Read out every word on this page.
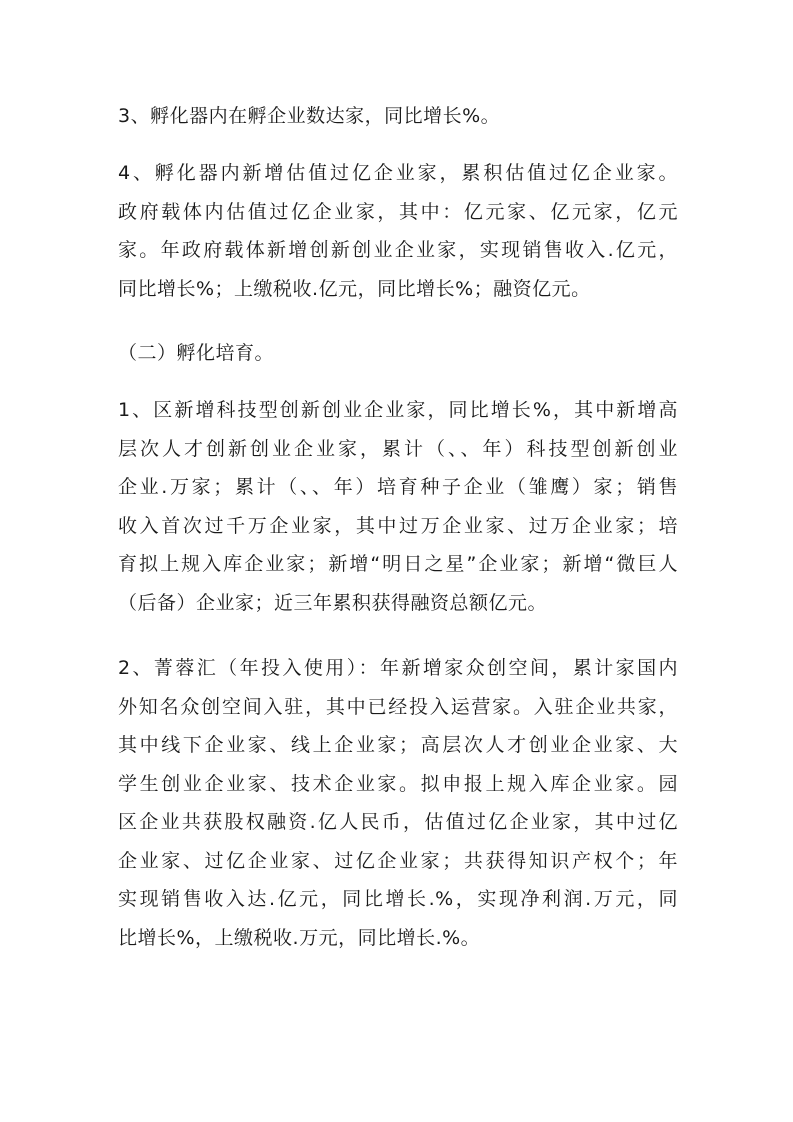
3、孵化器内在孵企业数达家，同比增长%。

4、孵化器内新增估值过亿企业家，累积估值过亿企业家。
政府载体内估值过亿企业家，其中：亿元家、亿元家，亿元
家。年政府载体新增创新创业企业家，实现销售收入.亿元，
同比增长%；上缴税收.亿元，同比增长%；融资亿元。

（二）孵化培育。

1、区新增科技型创新创业企业家，同比增长%，其中新增高
层次人才创新创业企业家，累计（、、年）科技型创新创业
企业.万家；累计（、、年）培育种子企业（雏鹰）家；销售
收入首次过千万企业家，其中过万企业家、过万企业家；培
育拟上规入库企业家；新增“明日之星”企业家；新增“微巨人
（后备）企业家；近三年累积获得融资总额亿元。

2、菁蓉汇（年投入使用）：年新增家众创空间，累计家国内
外知名众创空间入驻，其中已经投入运营家。入驻企业共家，
其中线下企业家、线上企业家；高层次人才创业企业家、大
学生创业企业家、技术企业家。拟申报上规入库企业家。园
区企业共获股权融资.亿人民币，估值过亿企业家，其中过亿
企业家、过亿企业家、过亿企业家；共获得知识产权个；年
实现销售收入达.亿元，同比增长.%，实现净利润.万元，同
比增长%，上缴税收.万元，同比增长.%。
